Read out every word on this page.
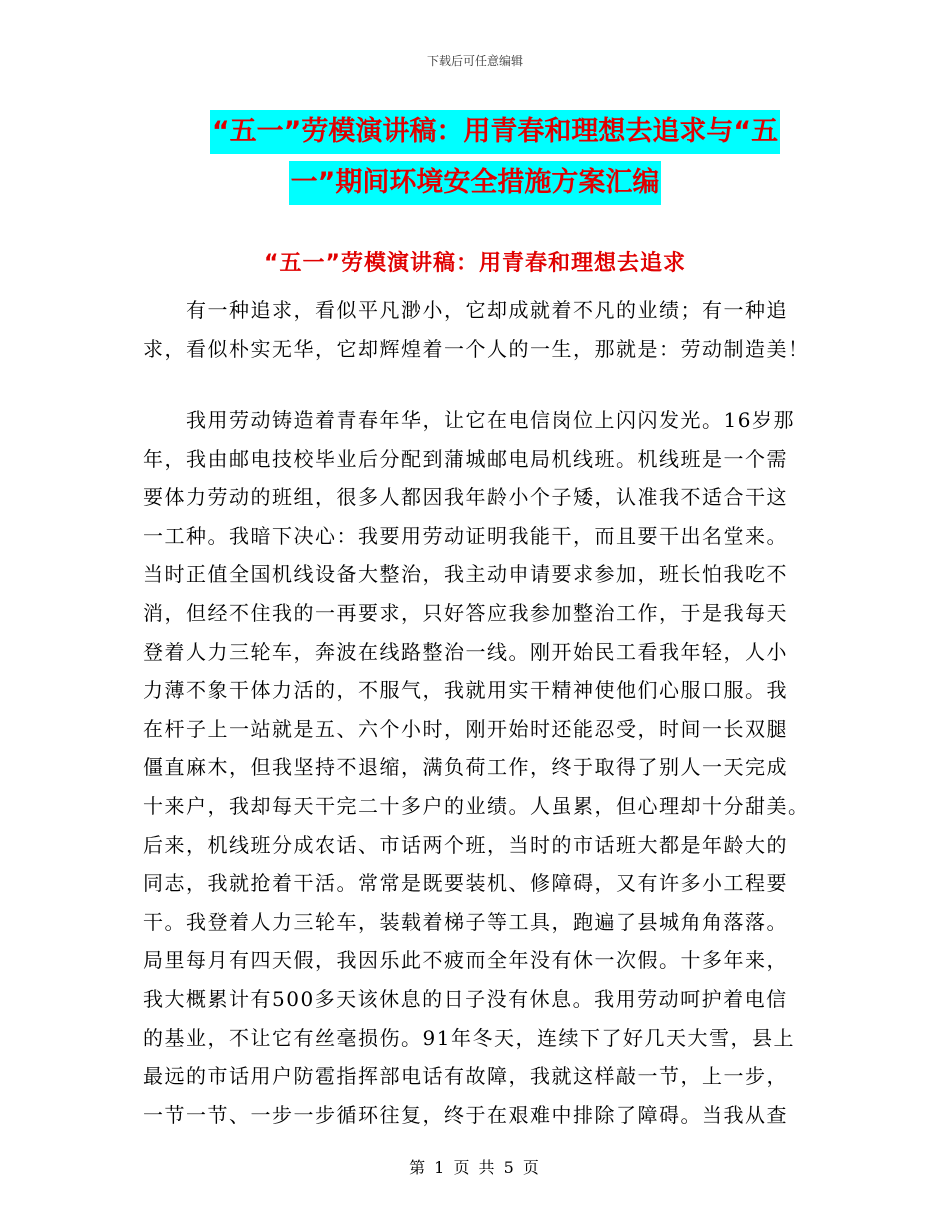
下载后可任意编辑
“五一”劳模演讲稿：用青春和理想去追求与“五
一”期间环境安全措施方案汇编
“五一”劳模演讲稿：用青春和理想去追求
　　有一种追求，看似平凡渺小，它却成就着不凡的业绩；有一种追
求，看似朴实无华，它却辉煌着一个人的一生，那就是：劳动制造美！
　　我用劳动铸造着青春年华，让它在电信岗位上闪闪发光。16岁那
年，我由邮电技校毕业后分配到蒲城邮电局机线班。机线班是一个需
要体力劳动的班组，很多人都因我年龄小个子矮，认准我不适合干这
一工种。我暗下决心：我要用劳动证明我能干，而且要干出名堂来。
当时正值全国机线设备大整治，我主动申请要求参加，班长怕我吃不
消，但经不住我的一再要求，只好答应我参加整治工作，于是我每天
登着人力三轮车，奔波在线路整治一线。刚开始民工看我年轻，人小
力薄不象干体力活的，不服气，我就用实干精神使他们心服口服。我
在杆子上一站就是五、六个小时，刚开始时还能忍受，时间一长双腿
僵直麻木，但我坚持不退缩，满负荷工作，终于取得了别人一天完成
十来户，我却每天干完二十多户的业绩。人虽累，但心理却十分甜美。
后来，机线班分成农话、市话两个班，当时的市话班大都是年龄大的
同志，我就抢着干活。常常是既要装机、修障碍，又有许多小工程要
干。我登着人力三轮车，装载着梯子等工具，跑遍了县城角角落落。
局里每月有四天假，我因乐此不疲而全年没有休一次假。十多年来，
我大概累计有500多天该休息的日子没有休息。我用劳动呵护着电信
的基业，不让它有丝毫损伤。91年冬天，连续下了好几天大雪，县上
最远的市话用户防雹指挥部电话有故障，我就这样敲一节，上一步，
一节一节、一步一步循环往复，终于在艰难中排除了障碍。当我从查
第 1 页 共 5 页
